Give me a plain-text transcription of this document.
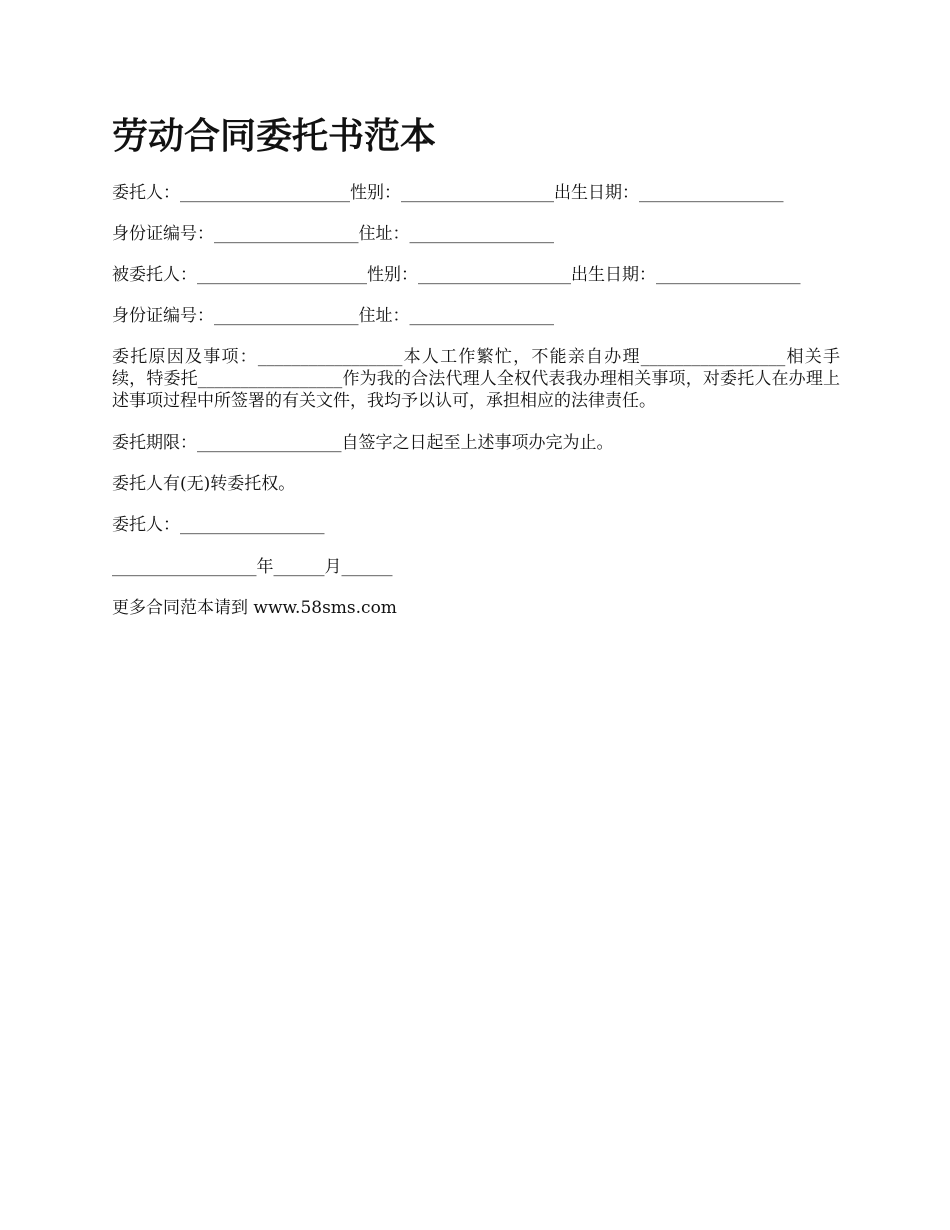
劳动合同委托书范本
委托人：____________________性别：__________________出生日期：_________________
身份证编号：_________________住址：_________________
被委托人：____________________性别：__________________出生日期：_________________
身份证编号：_________________住址：_________________
委托原因及事项：_________________本人工作繁忙，不能亲自办理_________________相关手续，特委托_________________作为我的合法代理人全权代表我办理相关事项，对委托人在办理上述事项过程中所签署的有关文件，我均予以认可，承担相应的法律责任。
委托期限：_________________自签字之日起至上述事项办完为止。
委托人有(无)转委托权。
委托人：_________________
_________________年______月______
更多合同范本请到 www.58sms.com
